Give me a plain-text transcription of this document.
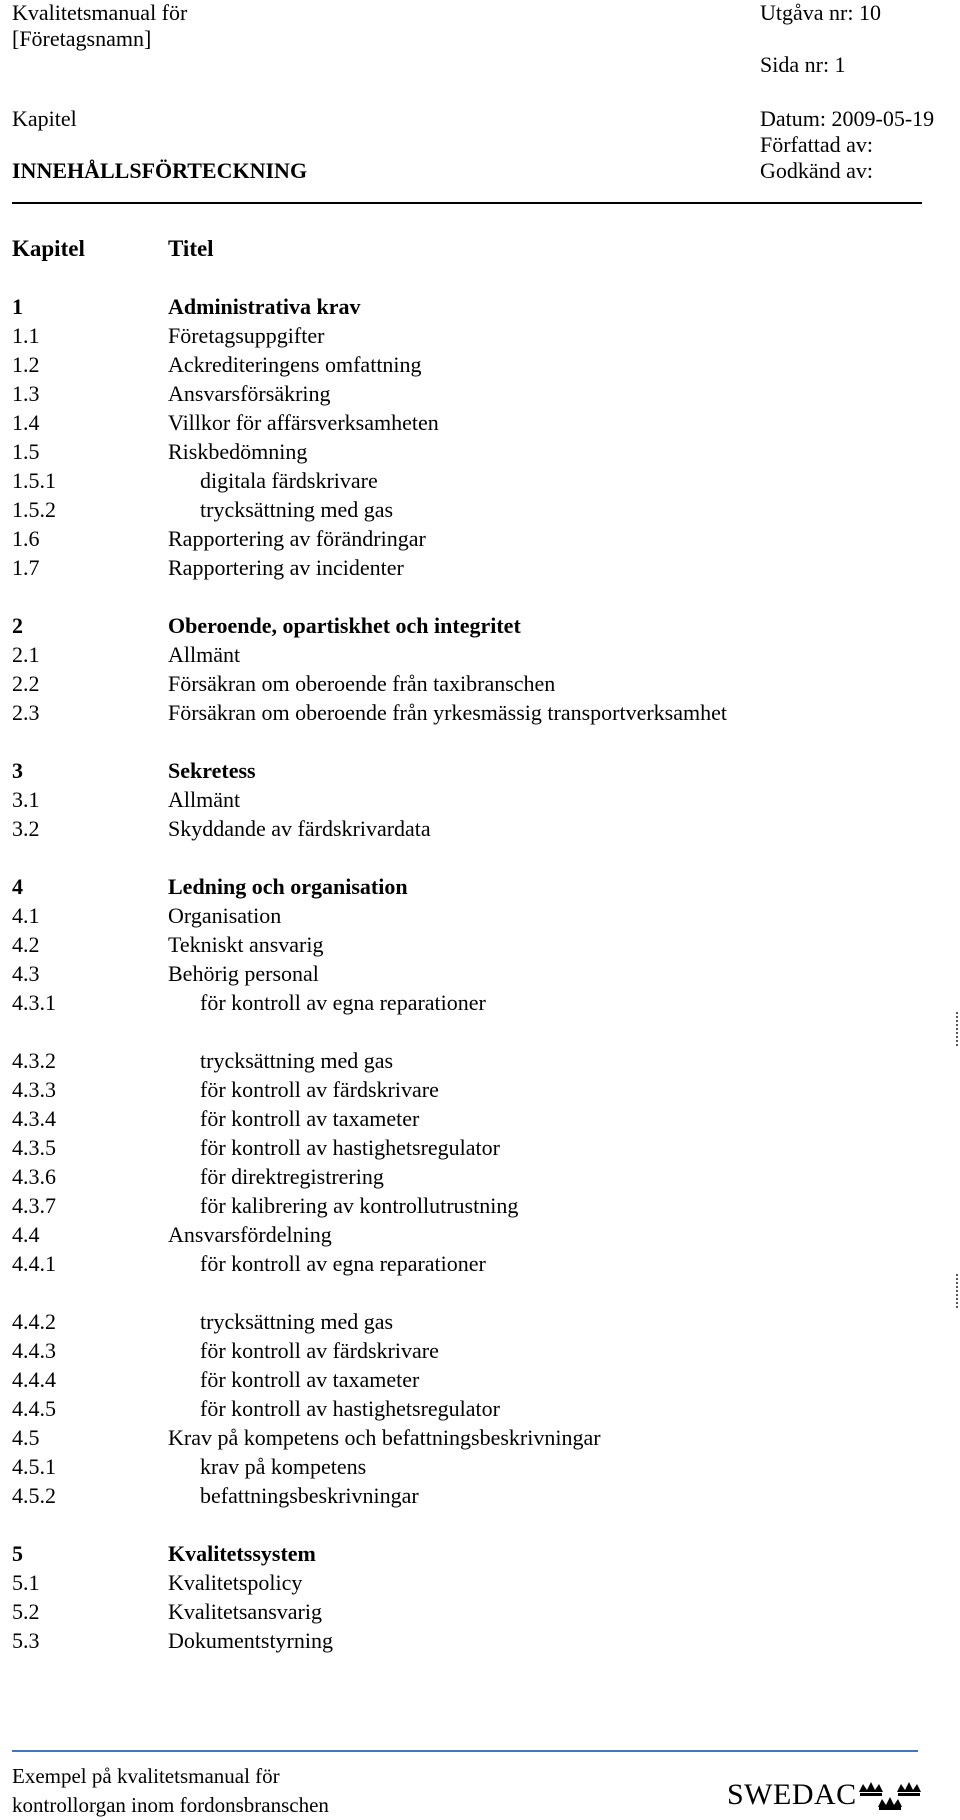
Kvalitetsmanual för
[Företagsnamn]
Kapitel
INNEHÅLLSFÖRTECKNING
Utgåva nr: 10
Sida nr: 1
Datum: 2009-05-19
Författad av:
Godkänd av:
Kapitel	Titel
1	Administrativa krav
1.1	Företagsuppgifter
1.2	Ackrediteringens omfattning
1.3	Ansvarsförsäkring
1.4	Villkor för affärsverksamheten
1.5	Riskbedömning
1.5.1	digitala färdskrivare
1.5.2	trycksättning med gas
1.6	Rapportering av förändringar
1.7	Rapportering av incidenter
2	Oberoende, opartiskhet och integritet
2.1	Allmänt
2.2	Försäkran om oberoende från taxibranschen
2.3	Försäkran om oberoende från yrkesmässig transportverksamhet
3	Sekretess
3.1	Allmänt
3.2	Skyddande av färdskrivardata
4	Ledning och organisation
4.1	Organisation
4.2	Tekniskt ansvarig
4.3	Behörig personal
4.3.1	för kontroll av egna reparationer
4.3.2	trycksättning med gas
4.3.3	för kontroll av färdskrivare
4.3.4	för kontroll av taxameter
4.3.5	för kontroll av hastighetsregulator
4.3.6	för direktregistrering
4.3.7	för kalibrering av kontrollutrustning
4.4	Ansvarsfördelning
4.4.1	för kontroll av egna reparationer
4.4.2	trycksättning med gas
4.4.3	för kontroll av färdskrivare
4.4.4	för kontroll av taxameter
4.4.5	för kontroll av hastighetsregulator
4.5	Krav på kompetens och befattningsbeskrivningar
4.5.1	krav på kompetens
4.5.2	befattningsbeskrivningar
5	Kvalitetssystem
5.1	Kvalitetspolicy
5.2	Kvalitetsansvarig
5.3	Dokumentstyrning
Exempel på kvalitetsmanual för
kontrollorgan inom fordonsbranschen	SWEDAC
